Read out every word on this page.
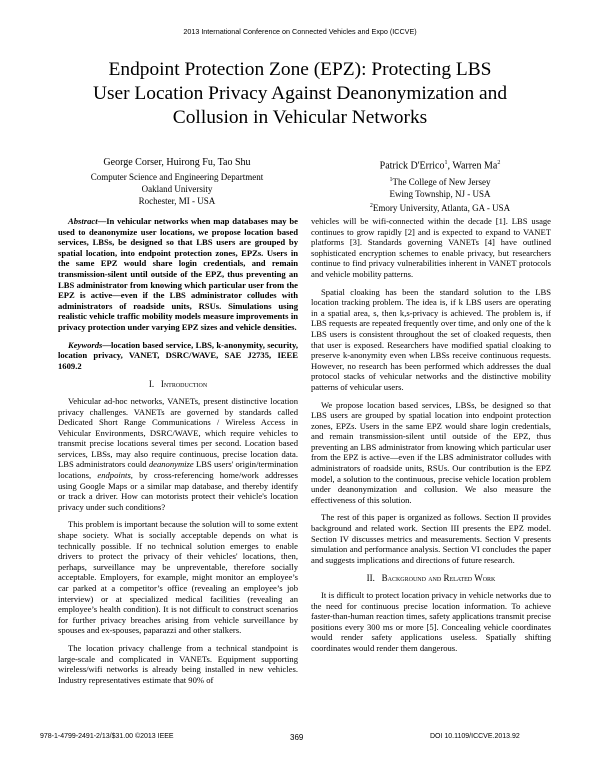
2013 International Conference on Connected Vehicles and Expo (ICCVE)
Endpoint Protection Zone (EPZ): Protecting LBS
User Location Privacy Against Deanonymization and
Collusion in Vehicular Networks
George Corser, Huirong Fu, Tao Shu
Computer Science and Engineering Department
Oakland University
Rochester, MI - USA
Patrick D'Errico$^1$, Warren Ma$^2$
$^1$The College of New Jersey
Ewing Township, NJ - USA
$^2$Emory University, Atlanta, GA - USA

Abstract—In vehicular networks when map databases may be used to deanonymize user locations, we propose location based services, LBSs, be designed so that LBS users are grouped by spatial location, into endpoint protection zones, EPZs. Users in the same EPZ would share login credentials, and remain transmission-silent until outside of the EPZ, thus preventing an LBS administrator from knowing which particular user from the EPZ is active—even if the LBS administrator colludes with administrators of roadside units, RSUs. Simulations using realistic vehicle traffic mobility models measure improvements in privacy protection under varying EPZ sizes and vehicle densities.

Keywords—location based service, LBS, k-anonymity, security, location privacy, VANET, DSRC/WAVE, SAE J2735, IEEE 1609.2

I. Introduction

Vehicular ad-hoc networks, VANETs, present distinctive location privacy challenges. VANETs are governed by standards called Dedicated Short Range Communications / Wireless Access in Vehicular Environments, DSRC/WAVE, which require vehicles to transmit precise locations several times per second. Location based services, LBSs, may also require continuous, precise location data. LBS administrators could deanonymize LBS users' origin/termination locations, endpoints, by cross-referencing home/work addresses using Google Maps or a similar map database, and thereby identify or track a driver. How can motorists protect their vehicle's location privacy under such conditions?

This problem is important because the solution will to some extent shape society. What is socially acceptable depends on what is technically possible. If no technical solution emerges to enable drivers to protect the privacy of their vehicles' locations, then, perhaps, surveillance may be unpreventable, therefore socially acceptable. Employers, for example, might monitor an employee’s car parked at a competitor’s office (revealing an employee’s job interview) or at specialized medical facilities (revealing an employee’s health condition). It is not difficult to construct scenarios for further privacy breaches arising from vehicle surveillance by spouses and ex-spouses, paparazzi and other stalkers.

The location privacy challenge from a technical standpoint is large-scale and complicated in VANETs. Equipment supporting wireless/wifi networks is already being installed in new vehicles. Industry representatives estimate that 90% of

vehicles will be wifi-connected within the decade [1]. LBS usage continues to grow rapidly [2] and is expected to expand to VANET platforms [3]. Standards governing VANETs [4] have outlined sophisticated encryption schemes to enable privacy, but researchers continue to find privacy vulnerabilities inherent in VANET protocols and vehicle mobility patterns.

Spatial cloaking has been the standard solution to the LBS location tracking problem. The idea is, if k LBS users are operating in a spatial area, s, then k,s-privacy is achieved. The problem is, if LBS requests are repeated frequently over time, and only one of the k LBS users is consistent throughout the set of cloaked requests, then that user is exposed. Researchers have modified spatial cloaking to preserve k-anonymity even when LBSs receive continuous requests. However, no research has been performed which addresses the dual protocol stacks of vehicular networks and the distinctive mobility patterns of vehicular users.

We propose location based services, LBSs, be designed so that LBS users are grouped by spatial location into endpoint protection zones, EPZs. Users in the same EPZ would share login credentials, and remain transmission-silent until outside of the EPZ, thus preventing an LBS administrator from knowing which particular user from the EPZ is active—even if the LBS administrator colludes with administrators of roadside units, RSUs. Our contribution is the EPZ model, a solution to the continuous, precise vehicle location problem under deanonymization and collusion. We also measure the effectiveness of this solution.

The rest of this paper is organized as follows. Section II provides background and related work. Section III presents the EPZ model. Section IV discusses metrics and measurements. Section V presents simulation and performance analysis. Section VI concludes the paper and suggests implications and directions of future research.

II. Background and Related Work

It is difficult to protect location privacy in vehicle networks due to the need for continuous precise location information. To achieve faster-than-human reaction times, safety applications transmit precise positions every 300 ms or more [5]. Concealing vehicle coordinates would render safety applications useless. Spatially shifting coordinates would render them dangerous.

978-1-4799-2491-2/13/$31.00 ©2013 IEEE	369	DOI 10.1109/ICCVE.2013.92
